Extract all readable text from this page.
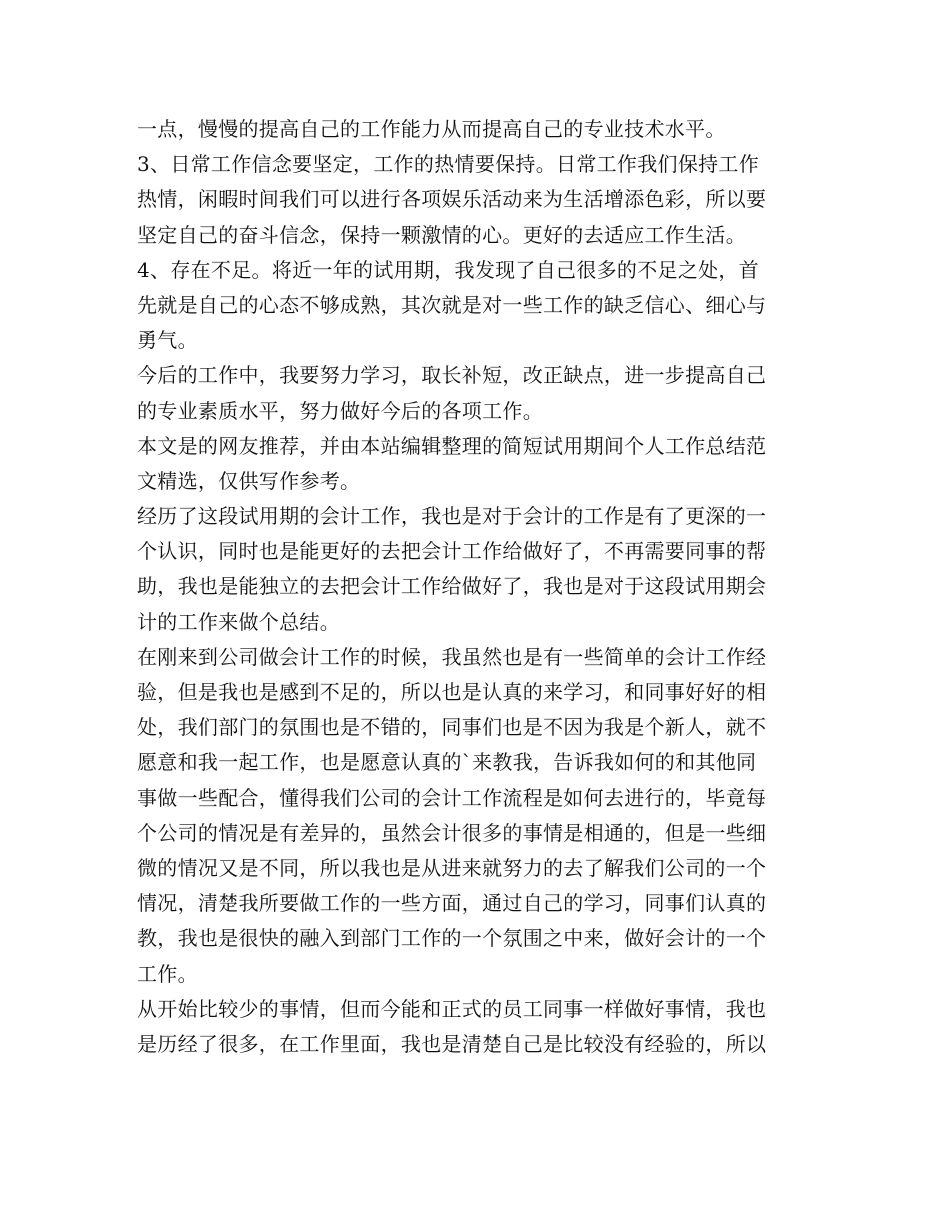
一点，慢慢的提高自己的工作能力从而提高自己的专业技术水平。
3、日常工作信念要坚定，工作的热情要保持。日常工作我们保持工作
热情，闲暇时间我们可以进行各项娱乐活动来为生活增添色彩，所以要
坚定自己的奋斗信念，保持一颗激情的心。更好的去适应工作生活。
4、存在不足。将近一年的试用期，我发现了自己很多的不足之处，首
先就是自己的心态不够成熟，其次就是对一些工作的缺乏信心、细心与
勇气。
今后的工作中，我要努力学习，取长补短，改正缺点，进一步提高自己
的专业素质水平，努力做好今后的各项工作。
本文是的网友推荐，并由本站编辑整理的简短试用期间个人工作总结范
文精选，仅供写作参考。
经历了这段试用期的会计工作，我也是对于会计的工作是有了更深的一
个认识，同时也是能更好的去把会计工作给做好了，不再需要同事的帮
助，我也是能独立的去把会计工作给做好了，我也是对于这段试用期会
计的工作来做个总结。
在刚来到公司做会计工作的时候，我虽然也是有一些简单的会计工作经
验，但是我也是感到不足的，所以也是认真的来学习，和同事好好的相
处，我们部门的氛围也是不错的，同事们也是不因为我是个新人，就不
愿意和我一起工作，也是愿意认真的`来教我，告诉我如何的和其他同
事做一些配合，懂得我们公司的会计工作流程是如何去进行的，毕竟每
个公司的情况是有差异的，虽然会计很多的事情是相通的，但是一些细
微的情况又是不同，所以我也是从进来就努力的去了解我们公司的一个
情况，清楚我所要做工作的一些方面，通过自己的学习，同事们认真的
教，我也是很快的融入到部门工作的一个氛围之中来，做好会计的一个
工作。
从开始比较少的事情，但而今能和正式的员工同事一样做好事情，我也
是历经了很多，在工作里面，我也是清楚自己是比较没有经验的，所以
